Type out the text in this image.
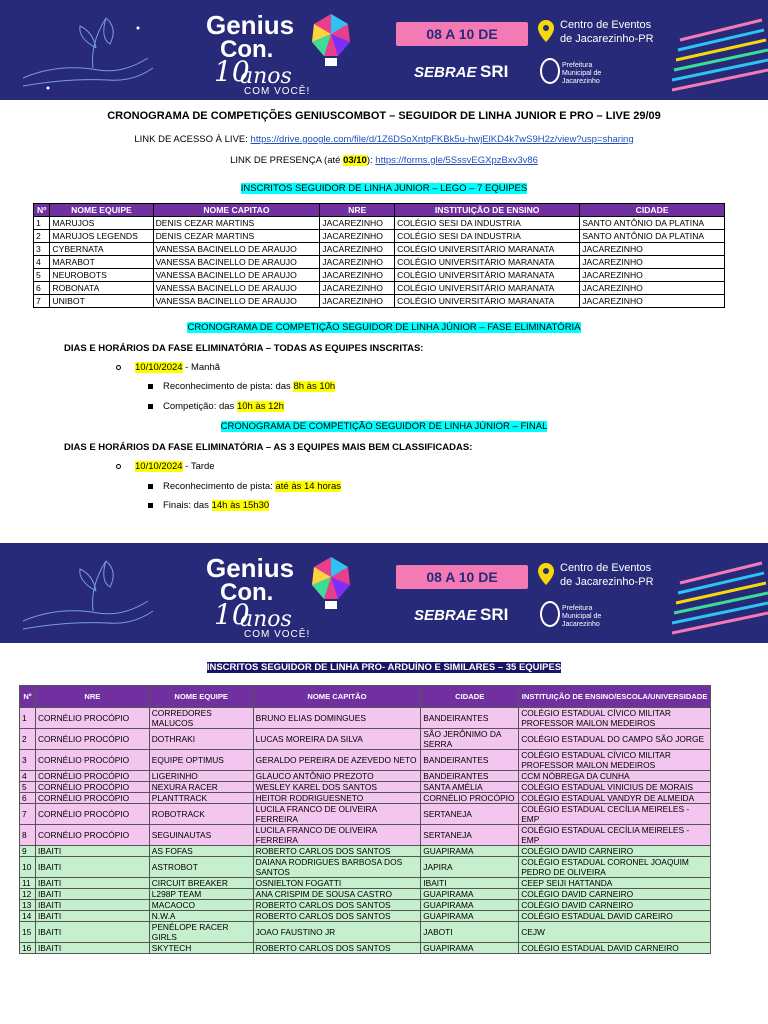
Genius
Con.
10
anos
COM VOCÊ!
08 A 10 DE OUTUBRO
Centro de Eventos
de Jacarezinho-PR
SEBRAE SRI	Prefeitura Municipal de Jacarezinho
CRONOGRAMA DE COMPETIÇÕES GENIUSCOMBOT – SEGUIDOR DE LINHA JUNIOR E PRO – LIVE 29/09
LINK DE ACESSO À LIVE: https://drive.google.com/file/d/1Z6DSoXntpFKBk5u-hwjElKD4k7wS9H2z/view?usp=sharing
LINK DE PRESENÇA (até 03/10): https://forms.gle/5SssvEGXpzBxv3v86
INSCRITOS SEGUIDOR DE LINHA JUNIOR – LEGO – 7 EQUIPES
Nº	NOME EQUIPE	NOME CAPITAO	NRE	INSTITUIÇÃO DE ENSINO	CIDADE
1	MARUJOS	DENIS CEZAR MARTINS	JACAREZINHO	COLÉGIO SESI DA INDUSTRIA	SANTO ANTÔNIO DA PLATINA
2	MARUJOS LEGENDS	DENIS CEZAR MARTINS	JACAREZINHO	COLÉGIO SESI DA INDUSTRIA	SANTO ANTÔNIO DA PLATINA
3	CYBERNATA	VANESSA BACINELLO DE ARAUJO	JACAREZINHO	COLÉGIO UNIVERSITÁRIO MARANATA	JACAREZINHO
4	MARABOT	VANESSA BACINELLO DE ARAUJO	JACAREZINHO	COLÉGIO UNIVERSITÁRIO MARANATA	JACAREZINHO
5	NEUROBOTS	VANESSA BACINELLO DE ARAUJO	JACAREZINHO	COLÉGIO UNIVERSITÁRIO MARANATA	JACAREZINHO
6	ROBONATA	VANESSA BACINELLO DE ARAUJO	JACAREZINHO	COLÉGIO UNIVERSITÁRIO MARANATA	JACAREZINHO
7	UNIBOT	VANESSA BACINELLO DE ARAUJO	JACAREZINHO	COLÉGIO UNIVERSITÁRIO MARANATA	JACAREZINHO
CRONOGRAMA DE COMPETIÇÃO SEGUIDOR DE LINHA JÚNIOR – FASE ELIMINATÓRIA
DIAS E HORÁRIOS DA FASE ELIMINATÓRIA – TODAS AS EQUIPES INSCRITAS:
10/10/2024 - Manhã
Reconhecimento de pista: das 8h às 10h
Competição: das 10h às 12h
CRONOGRAMA DE COMPETIÇÃO SEGUIDOR DE LINHA JÚNIOR – FINAL
DIAS E HORÁRIOS DA FASE ELIMINATÓRIA – AS 3 EQUIPES MAIS BEM CLASSIFICADAS:
10/10/2024 - Tarde
Reconhecimento de pista: até às 14 horas
Finais: das 14h às 15h30
Genius
Con.
10
anos
COM VOCÊ!
08 A 10 DE OUTUBRO
Centro de Eventos
de Jacarezinho-PR
SEBRAE SRI	Prefeitura Municipal de Jacarezinho
INSCRITOS SEGUIDOR DE LINHA PRO- ARDUÍNO E SIMILARES – 35 EQUIPES
Nº	NRE	NOME EQUIPE	NOME CAPITÃO	CIDADE	INSTITUIÇÃO DE ENSINO/ESCOLA/UNIVERSIDADE
1	CORNÉLIO PROCÓPIO	CORREDORES MALUCOS	BRUNO ELIAS DOMINGUES	BANDEIRANTES	COLÉGIO ESTADUAL CÍVICO MILITAR PROFESSOR MAILON MEDEIROS
2	CORNÉLIO PROCÓPIO	DOTHRAKI	LUCAS MOREIRA DA SILVA	SÃO JERÔNIMO DA SERRA	COLÉGIO ESTADUAL DO CAMPO SÃO JORGE
3	CORNÉLIO PROCÓPIO	EQUIPE OPTIMUS	GERALDO PEREIRA DE AZEVEDO NETO	BANDEIRANTES	COLÉGIO ESTADUAL CÍVICO MILITAR PROFESSOR MAILON MEDEIROS
4	CORNÉLIO PROCÓPIO	LIGERINHO	GLAUCO ANTÔNIO PREZOTO	BANDEIRANTES	CCM NÓBREGA DA CUNHA
5	CORNÉLIO PROCÓPIO	NEXURA RACER	WESLEY KAREL DOS SANTOS	SANTA AMÉLIA	COLÉGIO ESTADUAL VINICIUS DE MORAIS
6	CORNÉLIO PROCÓPIO	PLANTTRACK	HEITOR RODRIGUESNETO	CORNÉLIO PROCÓPIO	COLÉGIO ESTADUAL VANDYR DE ALMEIDA
7	CORNÉLIO PROCÓPIO	ROBOTRACK	LUCILA FRANCO DE OLIVEIRA FERREIRA	SERTANEJA	COLÉGIO ESTADUAL CECÍLIA MEIRELES - EMP
8	CORNÉLIO PROCÓPIO	SEGUINAUTAS	LUCILA FRANCO DE OLIVEIRA FERREIRA	SERTANEJA	COLÉGIO ESTADUAL CECÍLIA MEIRELES - EMP
9	IBAITI	AS FOFAS	ROBERTO CARLOS DOS SANTOS	GUAPIRAMA	COLÉGIO DAVID CARNEIRO
10	IBAITI	ASTROBOT	DAIANA RODRIGUES BARBOSA DOS SANTOS	JAPIRA	COLÉGIO ESTADUAL CORONEL JOAQUIM PEDRO DE OLIVEIRA
11	IBAITI	CIRCUIT BREAKER	OSNIELTON FOGATTI	IBAITI	CEEP SEIJI HATTANDA
12	IBAITI	L298P TEAM	ANA CRISPIM DE SOUSA CASTRO	GUAPIRAMA	COLÉGIO DAVID CARNEIRO
13	IBAITI	MACAOCO	ROBERTO CARLOS DOS SANTOS	GUAPIRAMA	COLÉGIO DAVID CARNEIRO
14	IBAITI	N.W.A	ROBERTO CARLOS DOS SANTOS	GUAPIRAMA	COLÉGIO ESTADUAL DAVID CAREIRO
15	IBAITI	PENÉLOPE RACER GIRLS	JOAO FAUSTINO JR	JABOTI	CEJW
16	IBAITI	SKYTECH	ROBERTO CARLOS DOS SANTOS	GUAPIRAMA	COLÉGIO ESTADUAL DAVID CARNEIRO
